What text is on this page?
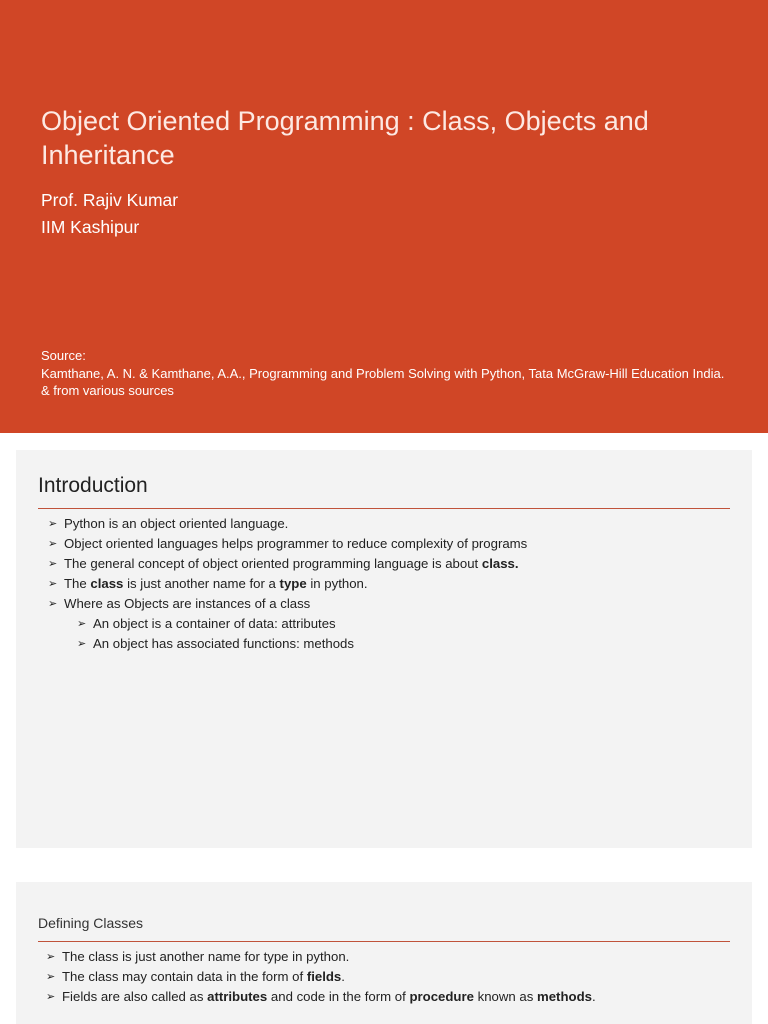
Object Oriented Programming : Class, Objects and Inheritance
Prof. Rajiv Kumar
IIM Kashipur
Source:
Kamthane, A. N. & Kamthane, A.A., Programming and Problem Solving with Python, Tata McGraw-Hill Education India. & from various sources
Introduction
➢ Python is an object oriented language.
➢ Object oriented languages helps programmer to reduce complexity of programs
➢ The general concept of object oriented programming language is about class.
➢ The class is just another name for a type in python.
➢ Where as Objects are instances of a class
➢ An object is a container of data: attributes
➢ An object has associated functions: methods
Defining Classes
➢ The class is just another name for type in python.
➢ The class may contain data in the form of fields.
➢ Fields are also called as attributes and code in the form of procedure known as methods.
